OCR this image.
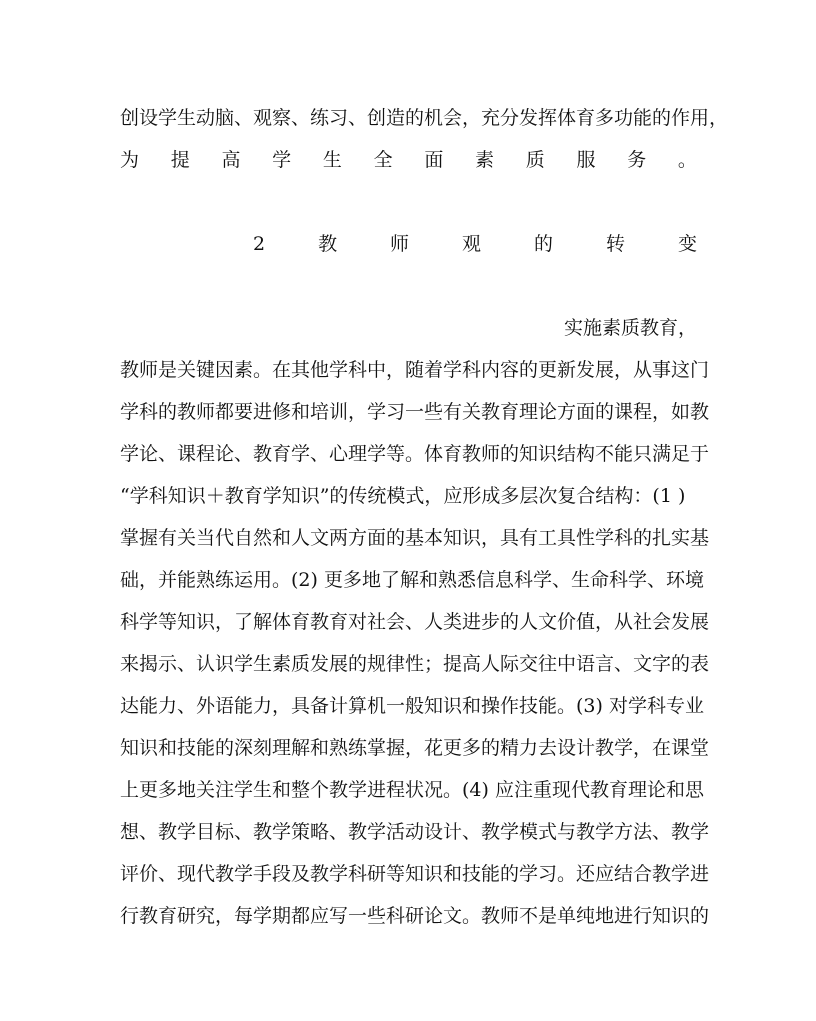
创设学生动脑、观察、练习、创造的机会，充分发挥体育多功能的作用，
为 提 高 学 生 全 面 素 质 服 务 。
2	教	师	观	的	转	变
实施素质教育，
教师是关键因素。在其他学科中，随着学科内容的更新发展，从事这门
学科的教师都要进修和培训，学习一些有关教育理论方面的课程，如教
学论、课程论、教育学、心理学等。体育教师的知识结构不能只满足于
“学科知识＋教育学知识”的传统模式，应形成多层次复合结构：(1 )
掌握有关当代自然和人文两方面的基本知识，具有工具性学科的扎实基
础，并能熟练运用。(2) 更多地了解和熟悉信息科学、生命科学、环境
科学等知识，了解体育教育对社会、人类进步的人文价值，从社会发展
来揭示、认识学生素质发展的规律性；提高人际交往中语言、文字的表
达能力、外语能力，具备计算机一般知识和操作技能。(3) 对学科专业
知识和技能的深刻理解和熟练掌握，花更多的精力去设计教学，在课堂
上更多地关注学生和整个教学进程状况。(4) 应注重现代教育理论和思
想、教学目标、教学策略、教学活动设计、教学模式与教学方法、教学
评价、现代教学手段及教学科研等知识和技能的学习。还应结合教学进
行教育研究，每学期都应写一些科研论文。教师不是单纯地进行知识的
